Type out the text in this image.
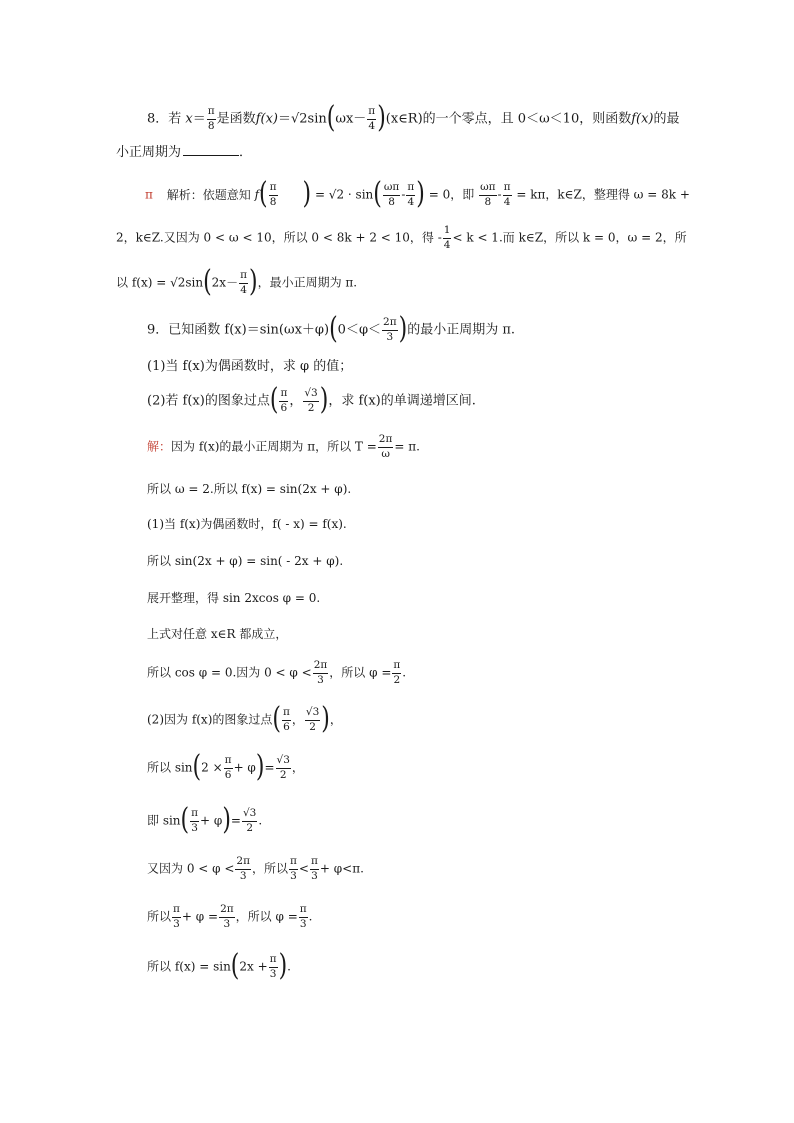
8．若 $x= \frac{\pi}{8}$ 是函数$f(x)=√2\sin(\omega x- \frac{\pi}{4}$ )(x∈R)的一个零点，且 0＜ω＜10，则函数f(x)的最
小正周期为	．
π 解析：依题意知 $f( \frac{\pi}{8}$ ) = $√2 \cdot \sin( \frac{\omega\pi}{8} - \frac{\pi}{4}$ ) = 0，即 $\frac{\omega\pi}{8} - \frac{\pi}{4} = k\pi$，k∈Z，整理得 ω = 8k +
2，k∈Z.又因为 0 < ω < 10，所以 0 < 8k + 2 < 10，得 - $\frac{1}{4} < k < 1$.而 k∈Z，所以 k = 0，ω = 2，所
以 $f(x) = √2\sin(2x- \frac{\pi}{4}$ )，最小正周期为 π.
9．已知函数 $f(x)=\sin(\omega x+\varphi)(0<\varphi< \frac{2\pi}{3}$ )的最小正周期为 π.
(1)当 f(x)为偶函数时，求 φ 的值；
(2)若 f(x)的图象过点( $\frac{\pi}{6}$ ， $\frac{√3}{2}$ )，求 f(x)的单调递增区间.
解：因为 f(x)的最小正周期为 π，所以 $T = \frac{2\pi}{\omega} = \pi$.
所以 ω = 2.所以 f(x) = sin(2x + φ).
(1)当 f(x)为偶函数时，f( - x) = f(x).
所以 sin(2x + φ) = sin( - 2x + φ).
展开整理，得 sin 2xcos φ = 0.
上式对任意 x∈R 都成立，
所以 cos φ = 0.因为 $0 < \varphi < \frac{2\pi}{3}$ ，所以 $\varphi = \frac{\pi}{2}$ .
(2)因为 f(x)的图象过点( $\frac{\pi}{6}$ ， $\frac{√3}{2}$ )，
所以 $\sin(2 \times \frac{\pi}{6} + \varphi)= \frac{√3}{2}$ ，
即 $\sin( \frac{\pi}{3} + \varphi)= \frac{√3}{2}$ .
又因为 $0 < \varphi < \frac{2\pi}{3}$ ，所以 $\frac{\pi}{3} < \frac{\pi}{3} + \varphi<\pi$.
所以 $\frac{\pi}{3} + \varphi = \frac{2\pi}{3}$ ，所以 $\varphi = \frac{\pi}{3}$ .
所以 $f(x) = \sin(2x + \frac{\pi}{3}$ ).
